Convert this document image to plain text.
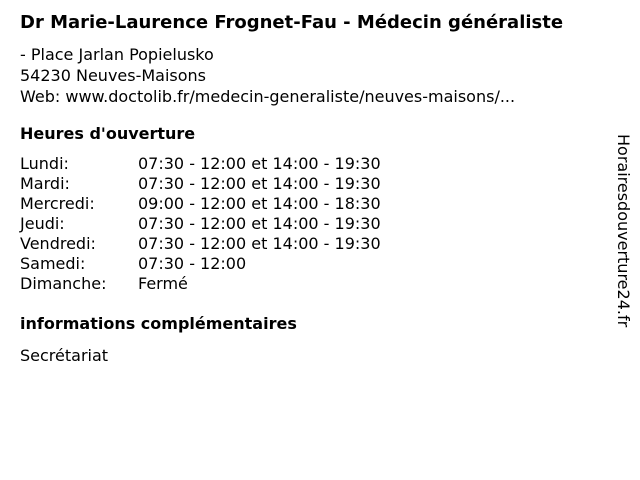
Dr Marie-Laurence Frognet-Fau - Médecin généraliste
- Place Jarlan Popielusko
54230 Neuves-Maisons
Web: www.doctolib.fr/medecin-generaliste/neuves-maisons/...
Heures d'ouverture
Lundi:	07:30 - 12:00 et 14:00 - 19:30
Mardi:	07:30 - 12:00 et 14:00 - 19:30
Mercredi:	09:00 - 12:00 et 14:00 - 18:30
Jeudi:	07:30 - 12:00 et 14:00 - 19:30
Vendredi:	07:30 - 12:00 et 14:00 - 19:30
Samedi:	07:30 - 12:00
Dimanche:	Fermé
informations complémentaires
Secrétariat
Horairesdouverture24.fr
